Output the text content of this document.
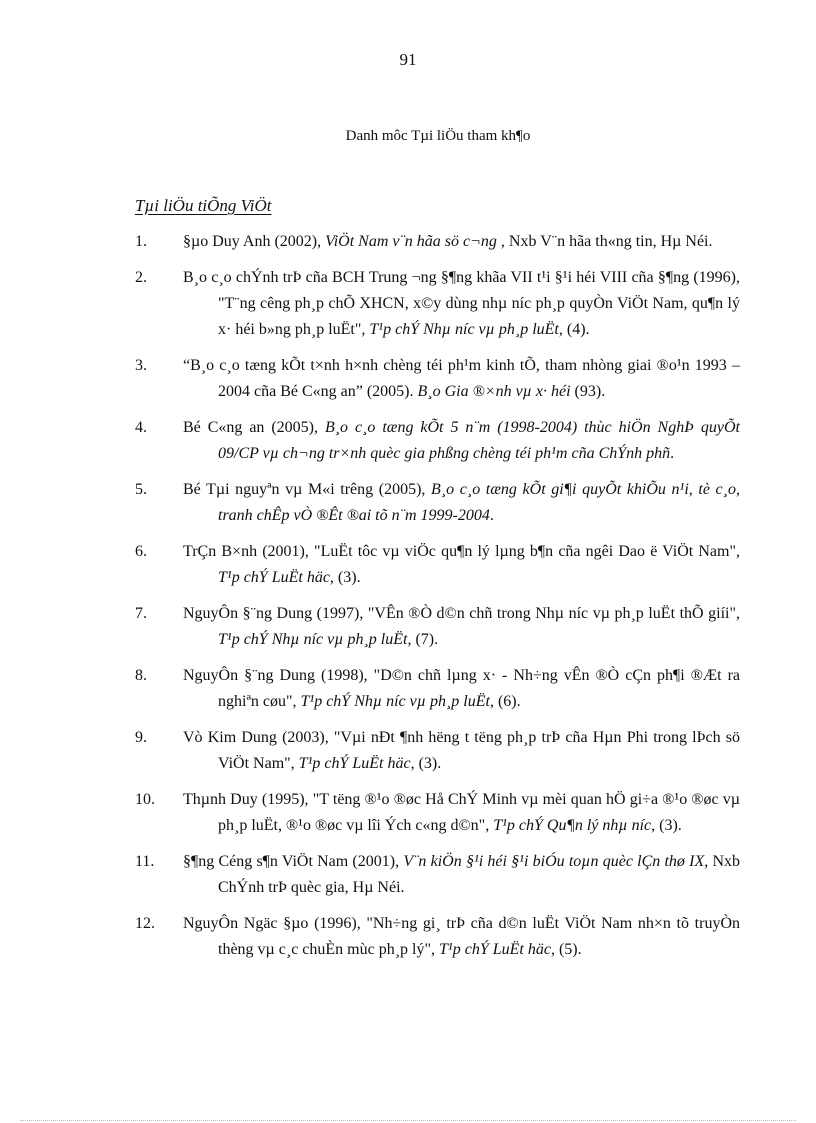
91
Danh môc Tµi liÖu tham kh¶o
Tµi liÖu tiÕng ViÖt
1. §µo Duy Anh (2002), ViÖt Nam v¨n hãa sö c¬ng , Nxb V¨n hãa th«ng tin, Hµ Néi.
2. B¸o c¸o chÝnh trÞ cña BCH Trung ¬ng §¶ng khãa VII t¹i §¹i héi VIII cña §¶ng (1996), "T¨ng cêng ph¸p chÕ XHCN, x©y dùng nhµ níc ph¸p quyÒn ViÖt Nam, qu¶n lý x· héi b»ng ph¸p luËt", T¹p chÝ Nhµ níc vµ ph¸p luËt, (4).
3. “B¸o c¸o tæng kÕt t×nh h×nh chèng téi ph¹m kinh tÕ, tham nhòng giai ®o¹n 1993 – 2004 cña Bé C«ng an” (2005). B¸o Gia ®×nh vµ x· héi (93).
4. Bé C«ng an (2005), B¸o c¸o tæng kÕt 5 n¨m (1998-2004) thùc hiÖn NghÞ quyÕt 09/CP vµ ch¬ng tr×nh quèc gia phßng chèng téi ph¹m cña ChÝnh phñ.
5. Bé Tµi nguyªn vµ M«i trêng (2005), B¸o c¸o tæng kÕt gi¶i quyÕt khiÕu n¹i, tè c¸o, tranh chÊp vÒ ®Êt ®ai tõ n¨m 1999-2004.
6. TrÇn B×nh (2001), "LuËt tôc vµ viÖc qu¶n lý lµng b¶n cña ngêi Dao ë ViÖt Nam", T¹p chÝ LuËt häc, (3).
7. NguyÔn §¨ng Dung (1997), "VÊn ®Ò d©n chñ trong Nhµ níc vµ ph¸p luËt thÕ giíi", T¹p chÝ Nhµ níc vµ ph¸p luËt, (7).
8. NguyÔn §¨ng Dung (1998), "D©n chñ lµng x· - Nh÷ng vÊn ®Ò cÇn ph¶i ®Æt ra nghiªn cøu", T¹p chÝ Nhµ níc vµ ph¸p luËt, (6).
9. Vò Kim Dung (2003), "Vµi nÐt ¶nh hëng t tëng ph¸p trÞ cña Hµn Phi trong lÞch sö ViÖt Nam", T¹p chÝ LuËt häc, (3).
10. Thµnh Duy (1995), "T tëng ®¹o ®øc Hå ChÝ Minh vµ mèi quan hÖ gi÷a ®¹o ®øc vµ ph¸p luËt, ®¹o ®øc vµ lîi Ých c«ng d©n", T¹p chÝ Qu¶n lý nhµ níc, (3).
11. §¶ng Céng s¶n ViÖt Nam (2001), V¨n kiÖn §¹i héi §¹i biÓu toµn quèc lÇn thø IX, Nxb ChÝnh trÞ quèc gia, Hµ Néi.
12. NguyÔn Ngäc §µo (1996), "Nh÷ng gi¸ trÞ cña d©n luËt ViÖt Nam nh×n tõ truyÒn thèng vµ c¸c chuÈn mùc ph¸p lý", T¹p chÝ LuËt häc, (5).
